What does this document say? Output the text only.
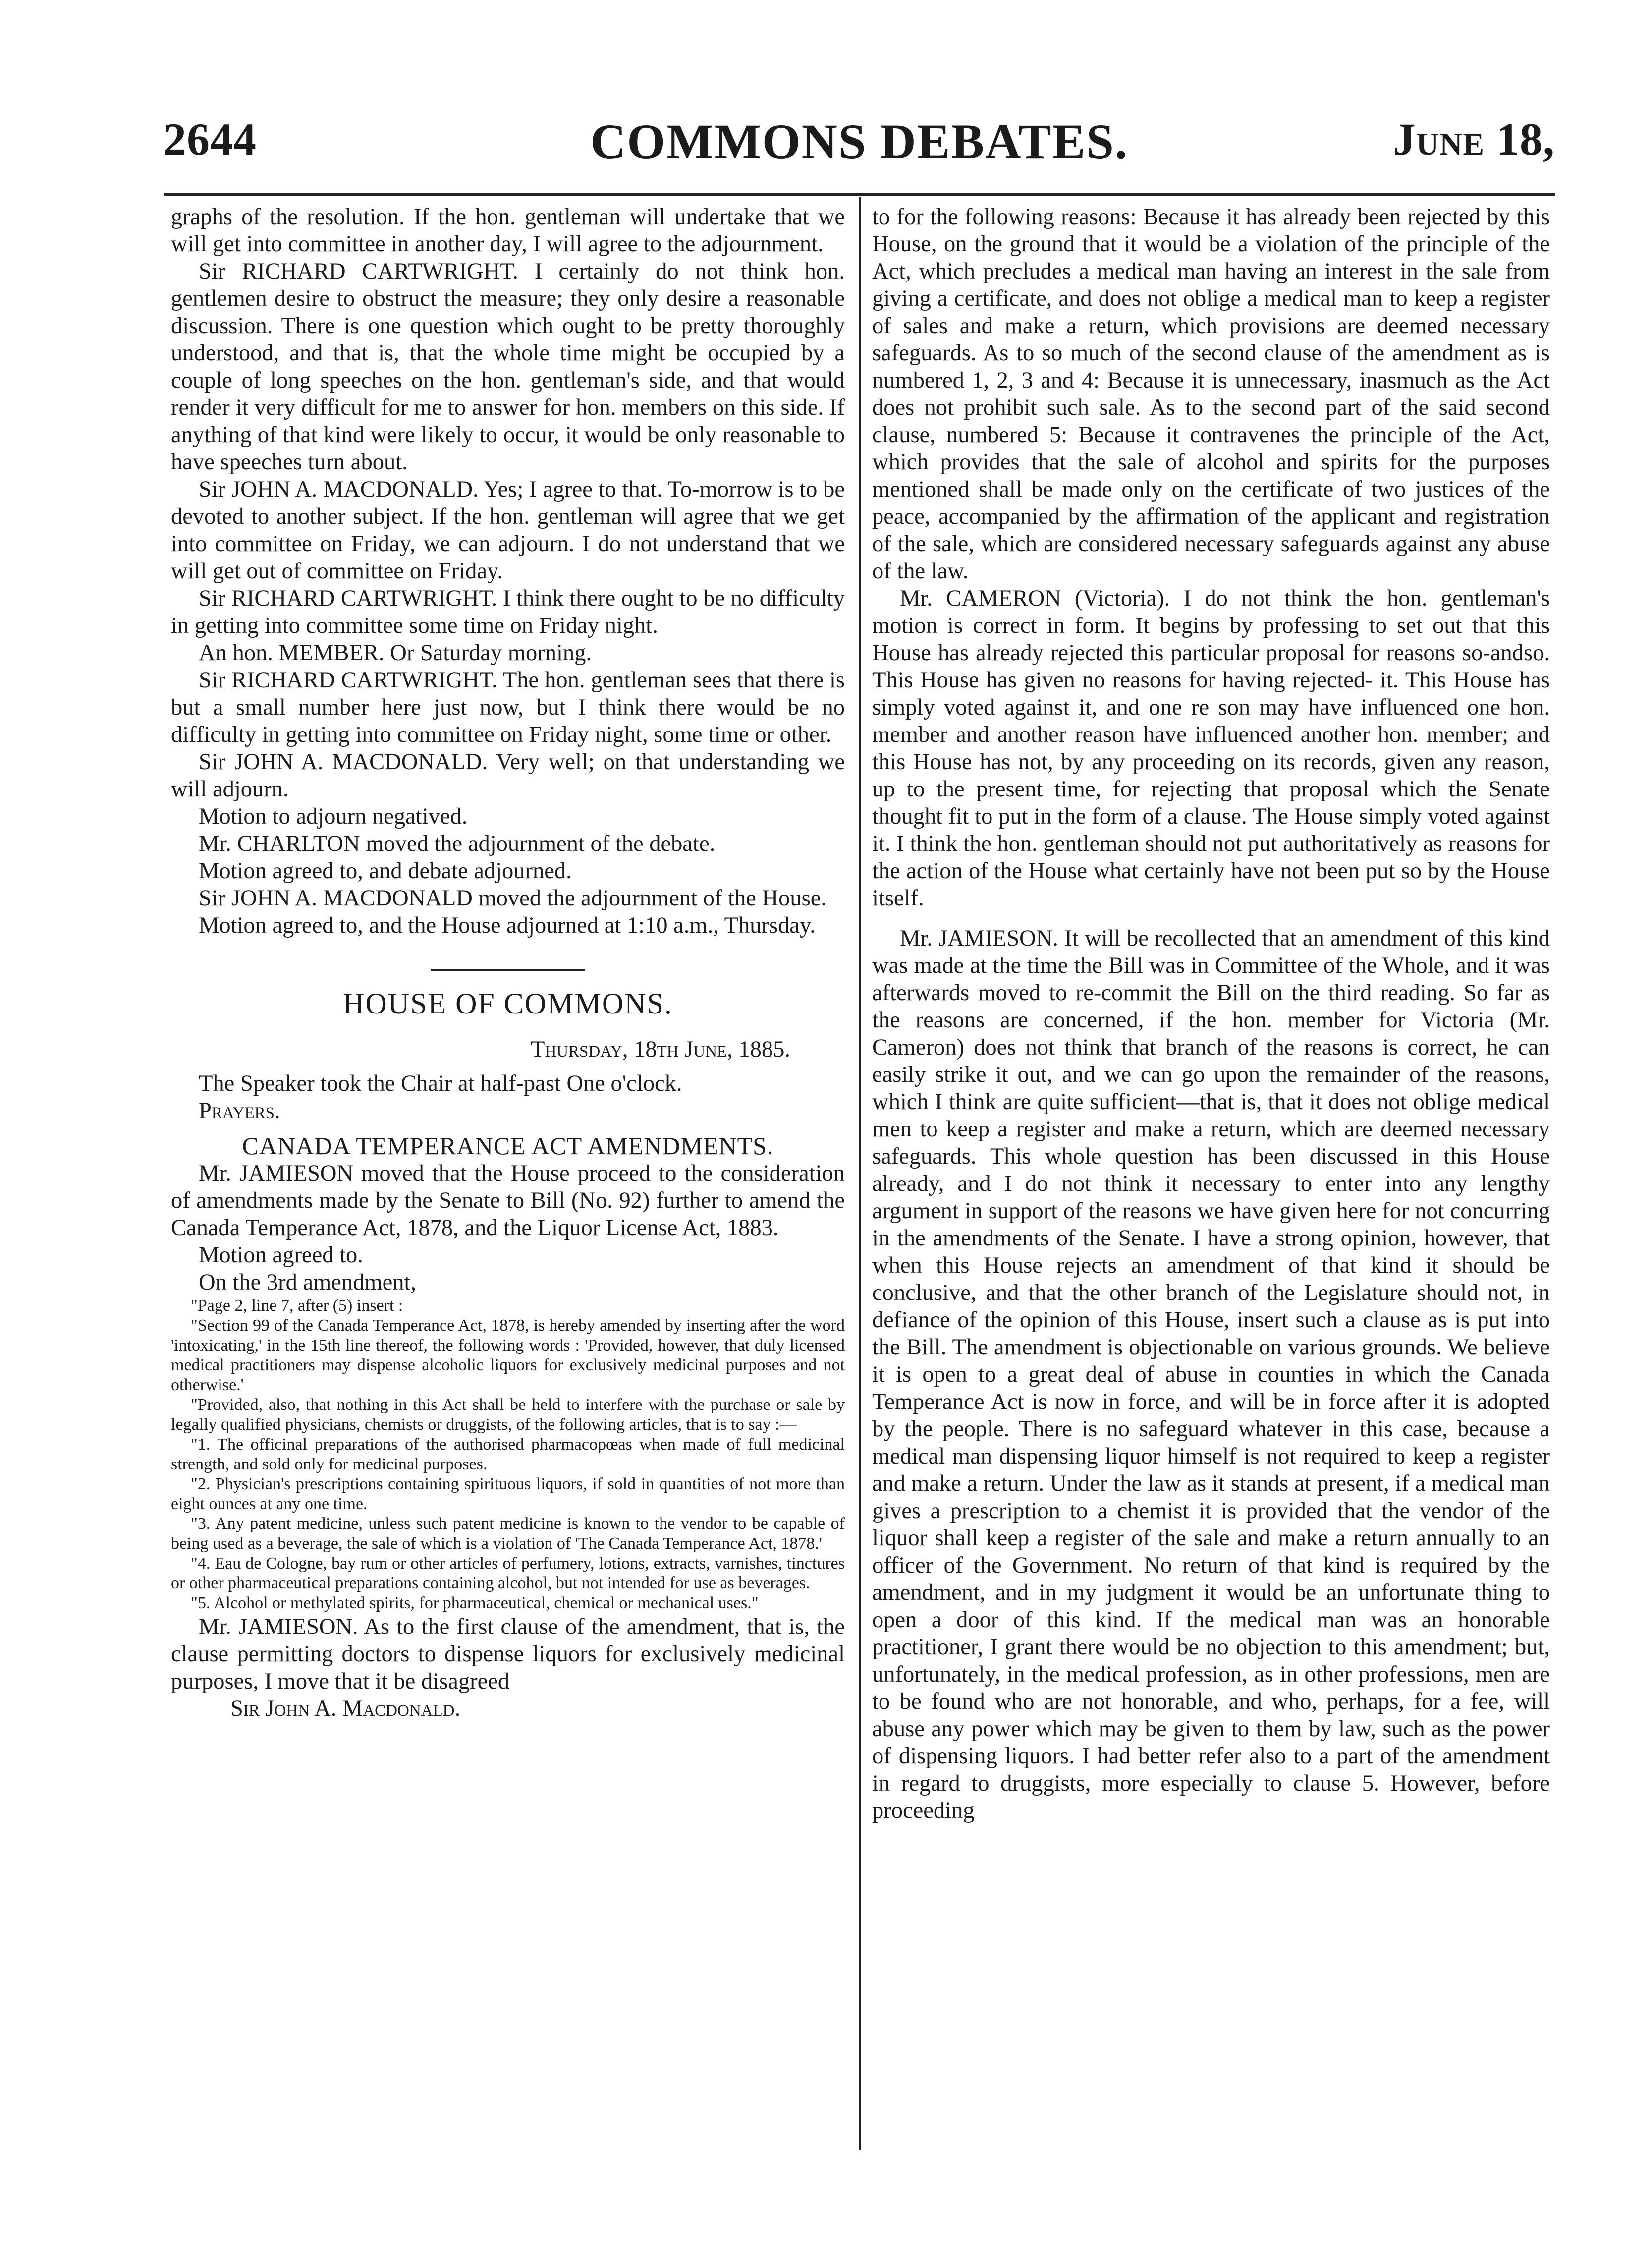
2644	COMMONS DEBATES.	June 18,

graphs of the resolution. If the hon. gentleman will undertake that we will get into committee in another day, I will agree to the adjournment.

Sir RICHARD CARTWRIGHT. I certainly do not think hon. gentlemen desire to obstruct the measure; they only desire a reasonable discussion. There is one question which ought to be pretty thoroughly understood, and that is, that the whole time might be occupied by a couple of long speeches on the hon. gentleman's side, and that would render it very difficult for me to answer for hon. members on this side. If anything of that kind were likely to occur, it would be only reasonable to have speeches turn about.

Sir JOHN A. MACDONALD. Yes; I agree to that. To-morrow is to be devoted to another subject. If the hon. gentleman will agree that we get into committee on Friday, we can adjourn. I do not understand that we will get out of committee on Friday.

Sir RICHARD CARTWRIGHT. I think there ought to be no difficulty in getting into committee some time on Friday night.

An hon. MEMBER. Or Saturday morning.

Sir RICHARD CARTWRIGHT. The hon. gentleman sees that there is but a small number here just now, but I think there would be no difficulty in getting into committee on Friday night, some time or other.

Sir JOHN A. MACDONALD. Very well; on that understanding we will adjourn.

Motion to adjourn negatived.

Mr. CHARLTON moved the adjournment of the debate.

Motion agreed to, and debate adjourned.

Sir JOHN A. MACDONALD moved the adjournment of the House.

Motion agreed to, and the House adjourned at 1:10 a.m., Thursday.

HOUSE OF COMMONS.

Thursday, 18th June, 1885.

The Speaker took the Chair at half-past One o'clock.

Prayers.

CANADA TEMPERANCE ACT AMENDMENTS.

Mr. JAMIESON moved that the House proceed to the consideration of amendments made by the Senate to Bill (No. 92) further to amend the Canada Temperance Act, 1878, and the Liquor License Act, 1883.

Motion agreed to.

On the 3rd amendment,

"Page 2, line 7, after (5) insert :

"Section 99 of the Canada Temperance Act, 1878, is hereby amended by inserting after the word 'intoxicating,' in the 15th line thereof, the following words : 'Provided, however, that duly licensed medical practitioners may dispense alcoholic liquors for exclusively medicinal purposes and not otherwise.'

"Provided, also, that nothing in this Act shall be held to interfere with the purchase or sale by legally qualified physicians, chemists or druggists, of the following articles, that is to say :—

"1. The officinal preparations of the authorised pharmacopœas when made of full medicinal strength, and sold only for medicinal purposes.

"2. Physician's prescriptions containing spirituous liquors, if sold in quantities of not more than eight ounces at any one time.

"3. Any patent medicine, unless such patent medicine is known to the vendor to be capable of being used as a beverage, the sale of which is a violation of 'The Canada Temperance Act, 1878.'

"4. Eau de Cologne, bay rum or other articles of perfumery, lotions, extracts, varnishes, tinctures or other pharmaceutical preparations containing alcohol, but not intended for use as beverages.

"5. Alcohol or methylated spirits, for pharmaceutical, chemical or mechanical uses."

Mr. JAMIESON. As to the first clause of the amendment, that is, the clause permitting doctors to dispense liquors for exclusively medicinal purposes, I move that it be disagreed

Sir John A. Macdonald.

to for the following reasons: Because it has already been rejected by this House, on the ground that it would be a violation of the principle of the Act, which precludes a medical man having an interest in the sale from giving a certificate, and does not oblige a medical man to keep a register of sales and make a return, which provisions are deemed necessary safeguards. As to so much of the second clause of the amendment as is numbered 1, 2, 3 and 4: Because it is unnecessary, inasmuch as the Act does not prohibit such sale. As to the second part of the said second clause, numbered 5: Because it contravenes the principle of the Act, which provides that the sale of alcohol and spirits for the purposes mentioned shall be made only on the certificate of two justices of the peace, accompanied by the affirmation of the applicant and registration of the sale, which are considered necessary safeguards against any abuse of the law.

Mr. CAMERON (Victoria). I do not think the hon. gentleman's motion is correct in form. It begins by professing to set out that this House has already rejected this particular proposal for reasons so-andso. This House has given no reasons for having rejected- it. This House has simply voted against it, and one re son may have influenced one hon. member and another reason have influenced another hon. member; and this House has not, by any proceeding on its records, given any reason, up to the present time, for rejecting that proposal which the Senate thought fit to put in the form of a clause. The House simply voted against it. I think the hon. gentleman should not put authoritatively as reasons for the action of the House what certainly have not been put so by the House itself.

Mr. JAMIESON. It will be recollected that an amendment of this kind was made at the time the Bill was in Committee of the Whole, and it was afterwards moved to re-commit the Bill on the third reading. So far as the reasons are concerned, if the hon. member for Victoria (Mr. Cameron) does not think that branch of the reasons is correct, he can easily strike it out, and we can go upon the remainder of the reasons, which I think are quite sufficient—that is, that it does not oblige medical men to keep a register and make a return, which are deemed necessary safeguards. This whole question has been discussed in this House already, and I do not think it necessary to enter into any lengthy argument in support of the reasons we have given here for not concurring in the amendments of the Senate. I have a strong opinion, however, that when this House rejects an amendment of that kind it should be conclusive, and that the other branch of the Legislature should not, in defiance of the opinion of this House, insert such a clause as is put into the Bill. The amendment is objectionable on various grounds. We believe it is open to a great deal of abuse in counties in which the Canada Temperance Act is now in force, and will be in force after it is adopted by the people. There is no safeguard whatever in this case, because a medical man dispensing liquor himself is not required to keep a register and make a return. Under the law as it stands at present, if a medical man gives a prescription to a chemist it is provided that the vendor of the liquor shall keep a register of the sale and make a return annually to an officer of the Government. No return of that kind is required by the amendment, and in my judgment it would be an unfortunate thing to open a door of this kind. If the medical man was an honorable practitioner, I grant there would be no objection to this amendment; but, unfortunately, in the medical profession, as in other professions, men are to be found who are not honorable, and who, perhaps, for a fee, will abuse any power which may be given to them by law, such as the power of dispensing liquors. I had better refer also to a part of the amendment in regard to druggists, more especially to clause 5. However, before proceeding
